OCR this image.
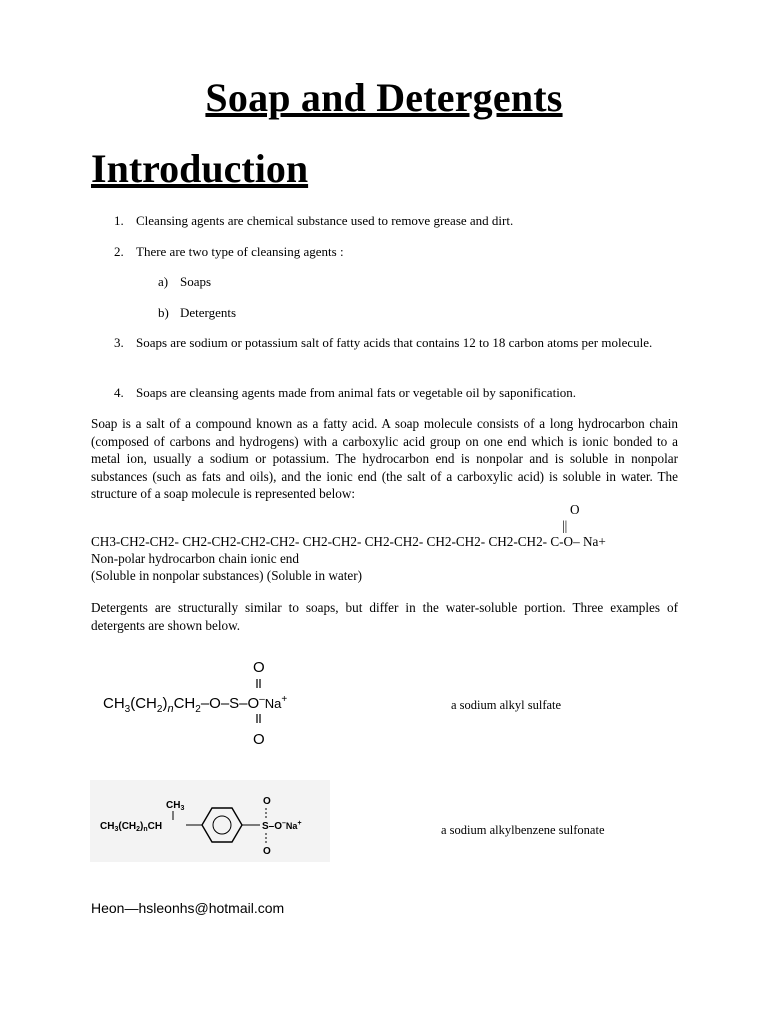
Soap and Detergents
Introduction
1. Cleansing agents are chemical substance used to remove grease and dirt.
2. There are two type of cleansing agents :
a) Soaps
b) Detergents
3. Soaps are sodium or potassium salt of fatty acids that contains 12 to 18 carbon atoms per molecule.
4. Soaps are cleansing agents made from animal fats or vegetable oil by saponification.
Soap is a salt of a compound known as a fatty acid. A soap molecule consists of a long hydrocarbon chain (composed of carbons and hydrogens) with a carboxylic acid group on one end which is ionic bonded to a metal ion, usually a sodium or potassium. The hydrocarbon end is nonpolar and is soluble in nonpolar substances (such as fats and oils), and the ionic end (the salt of a carboxylic acid) is soluble in water. The structure of a soap molecule is represented below:
O
||
CH3-CH2-CH2- CH2-CH2-CH2-CH2- CH2-CH2- CH2-CH2- CH2-CH2- CH2-CH2- C-O– Na+
Non-polar hydrocarbon chain ionic end
(Soluble in nonpolar substances) (Soluble in water)
Detergents are structurally similar to soaps, but differ in the water-soluble portion. Three examples of detergents are shown below.
O
$CH_3(CH_2)_nCH_2-O-S-O^-Na^+$
O
a sodium alkyl sulfate
$CH_3$
$CH_3(CH_2)_nCH$
O
S–O–Na+
O
a sodium alkylbenzene sulfonate
Heon—hsleonhs@hotmail.com
